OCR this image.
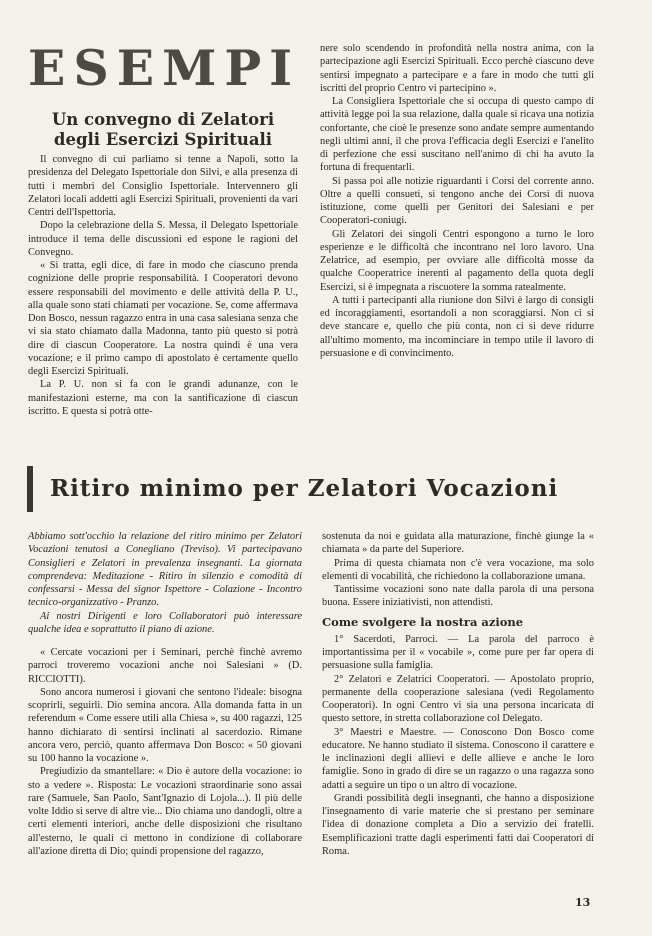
ESEMPI
Un convegno di Zelatori degli Esercizi Spirituali

Il convegno di cui parliamo si tenne a Napoli, sotto la presidenza del Delegato Ispettoriale don Silvi, e alla presenza di tutti i membri del Consiglio Ispettoriale. Intervennero gli Zelatori locali addetti agli Esercizi Spirituali, provenienti da vari Centri dell'Ispettoria.

Dopo la celebrazione della S. Messa, il Delegato Ispettoriale introduce il tema delle discussioni ed espone le ragioni del Convegno.

« Si tratta, egli dice, di fare in modo che ciascuno prenda cognizione delle proprie responsabilità. I Cooperatori devono essere responsabili del movimento e delle attività della P. U., alla quale sono stati chiamati per vocazione. Se, come affermava Don Bosco, nessun ragazzo entra in una casa salesiana senza che vi sia stato chiamato dalla Madonna, tanto più questo si potrà dire di ciascun Cooperatore. La nostra quindi è una vera vocazione; e il primo campo di apostolato è certamente quello degli Esercizi Spirituali.

La P. U. non si fa con le grandi adunanze, con le manifestazioni esterne, ma con la santificazione di ciascun iscritto. E questa si potrà otte-

nere solo scendendo in profondità nella nostra anima, con la partecipazione agli Esercizi Spirituali. Ecco perchè ciascuno deve sentirsi impegnato a partecipare e a fare in modo che tutti gli iscritti del proprio Centro vi partecipino ».

La Consigliera Ispettoriale che si occupa di questo campo di attività legge poi la sua relazione, dalla quale si ricava una notizia confortante, che cioè le presenze sono andate sempre aumentando negli ultimi anni, il che prova l'efficacia degli Esercizi e l'anelito di perfezione che essi suscitano nell'animo di chi ha avuto la fortuna di frequentarli.

Si passa poi alle notizie riguardanti i Corsi del corrente anno. Oltre a quelli consueti, si tengono anche dei Corsi di nuova istituzione, come quelli per Genitori dei Salesiani e per Cooperatori-coniugi.

Gli Zelatori dei singoli Centri espongono a turno le loro esperienze e le difficoltà che incontrano nel loro lavoro. Una Zelatrice, ad esempio, per ovviare alle difficoltà mosse da qualche Cooperatrice inerenti al pagamento della quota degli Esercizi, si è impegnata a riscuotere la somma ratealmente.

A tutti i partecipanti alla riunione don Silvi è largo di consigli ed incoraggiamenti, esortandoli a non scoraggiarsi. Non ci si deve stancare e, quello che più conta, non ci si deve ridurre all'ultimo momento, ma incominciare in tempo utile il lavoro di persuasione e di convincimento.

Ritiro minimo per Zelatori Vocazioni

Abbiamo sott'occhio la relazione del ritiro minimo per Zelatori Vocazioni tenutosi a Conegliano (Treviso). Vi partecipavano Consiglieri e Zelatori in prevalenza insegnanti. La giornata comprendeva: Meditazione - Ritiro in silenzio e comodità di confessarsi - Messa del signor Ispettore - Colazione - Incontro tecnico-organizzativo - Pranzo.

Ai nostri Dirigenti e loro Collaboratori può interessare qualche idea e soprattutto il piano di azione.

« Cercate vocazioni per i Seminari, perchè finchè avremo parroci troveremo vocazioni anche noi Salesiani » (D. RICCIOTTI).

Sono ancora numerosi i giovani che sentono l'ideale: bisogna scoprirli, seguirli. Dio semina ancora. Alla domanda fatta in un referendum « Come essere utili alla Chiesa », su 400 ragazzi, 125 hanno dichiarato di sentirsi inclinati al sacerdozio. Rimane ancora vero, perciò, quanto affermava Don Bosco: « 50 giovani su 100 hanno la vocazione ».

Pregiudizio da smantellare: « Dio è autore della vocazione: io sto a vedere ». Risposta: Le vocazioni straordinarie sono assai rare (Samuele, San Paolo, Sant'Ignazio di Lojola...). Il più delle volte Iddio si serve di altre vie... Dio chiama uno dandogli, oltre a certi elementi interiori, anche delle disposizioni che risultano all'esterno, le quali ci mettono in condizione di collaborare all'azione diretta di Dio; quindi propensione del ragazzo,

sostenuta da noi e guidata alla maturazione, finchè giunge la « chiamata » da parte del Superiore.

Prima di questa chiamata non c'è vera vocazione, ma solo elementi di vocabilità, che richiedono la collaborazione umana.

Tantissime vocazioni sono nate dalla parola di una persona buona. Essere iniziativisti, non attendisti.

Come svolgere la nostra azione

1° Sacerdoti, Parroci. — La parola del parroco è importantissima per il « vocabile », come pure per far opera di persuasione sulla famiglia.

2° Zelatori e Zelatrici Cooperatori. — Apostolato proprio, permanente della cooperazione salesiana (vedi Regolamento Cooperatori). In ogni Centro vi sia una persona incaricata di questo settore, in stretta collaborazione col Delegato.

3° Maestri e Maestre. — Conoscono Don Bosco come educatore. Ne hanno studiato il sistema. Conoscono il carattere e le inclinazioni degli allievi e delle allieve e anche le loro famiglie. Sono in grado di dire se un ragazzo o una ragazza sono adatti a seguire un tipo o un altro di vocazione.

Grandi possibilità degli insegnanti, che hanno a disposizione l'insegnamento di varie materie che si prestano per seminare l'idea di donazione completa a Dio a servizio dei fratelli. Esemplificazioni tratte dagli esperimenti fatti dai Cooperatori di Roma.

13
